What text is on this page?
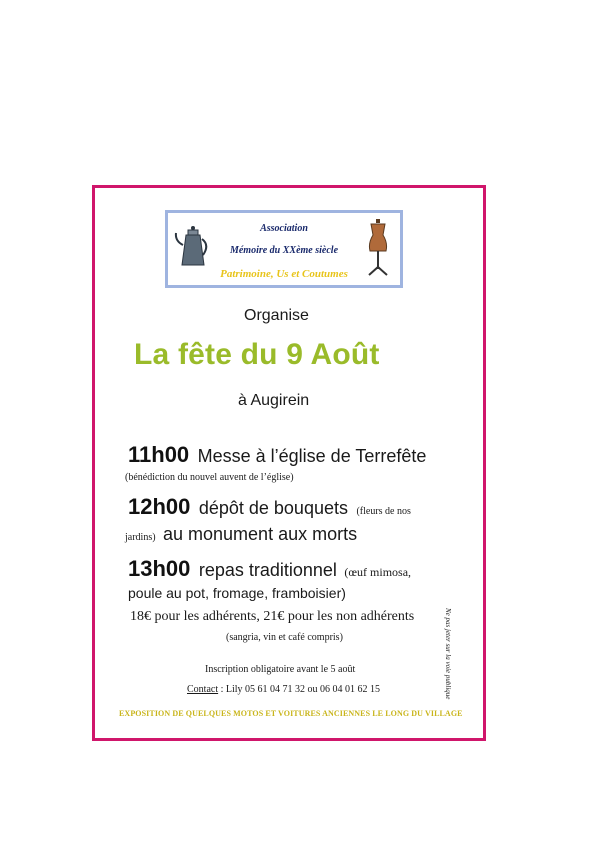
Association
Mémoire du XXème siècle
Patrimoine, Us et Coutumes
Organise
La fête du 9 Août
à Augirein
11h00 Messe à l’église de Terrefête
(bénédiction du nouvel auvent de l’église)
12h00 dépôt de bouquets (fleurs de nos
jardins) au monument aux morts
13h00 repas traditionnel (œuf mimosa,
poule au pot, fromage, framboisier)
18€ pour les adhérents, 21€ pour les non adhérents
(sangria, vin et café compris)	Ne pas jeter sur la voie publique
Inscription obligatoire avant le 5 août
Contact : Lily 05 61 04 71 32 ou 06 04 01 62 15
EXPOSITION DE QUELQUES MOTOS ET VOITURES ANCIENNES LE LONG DU VILLAGE
